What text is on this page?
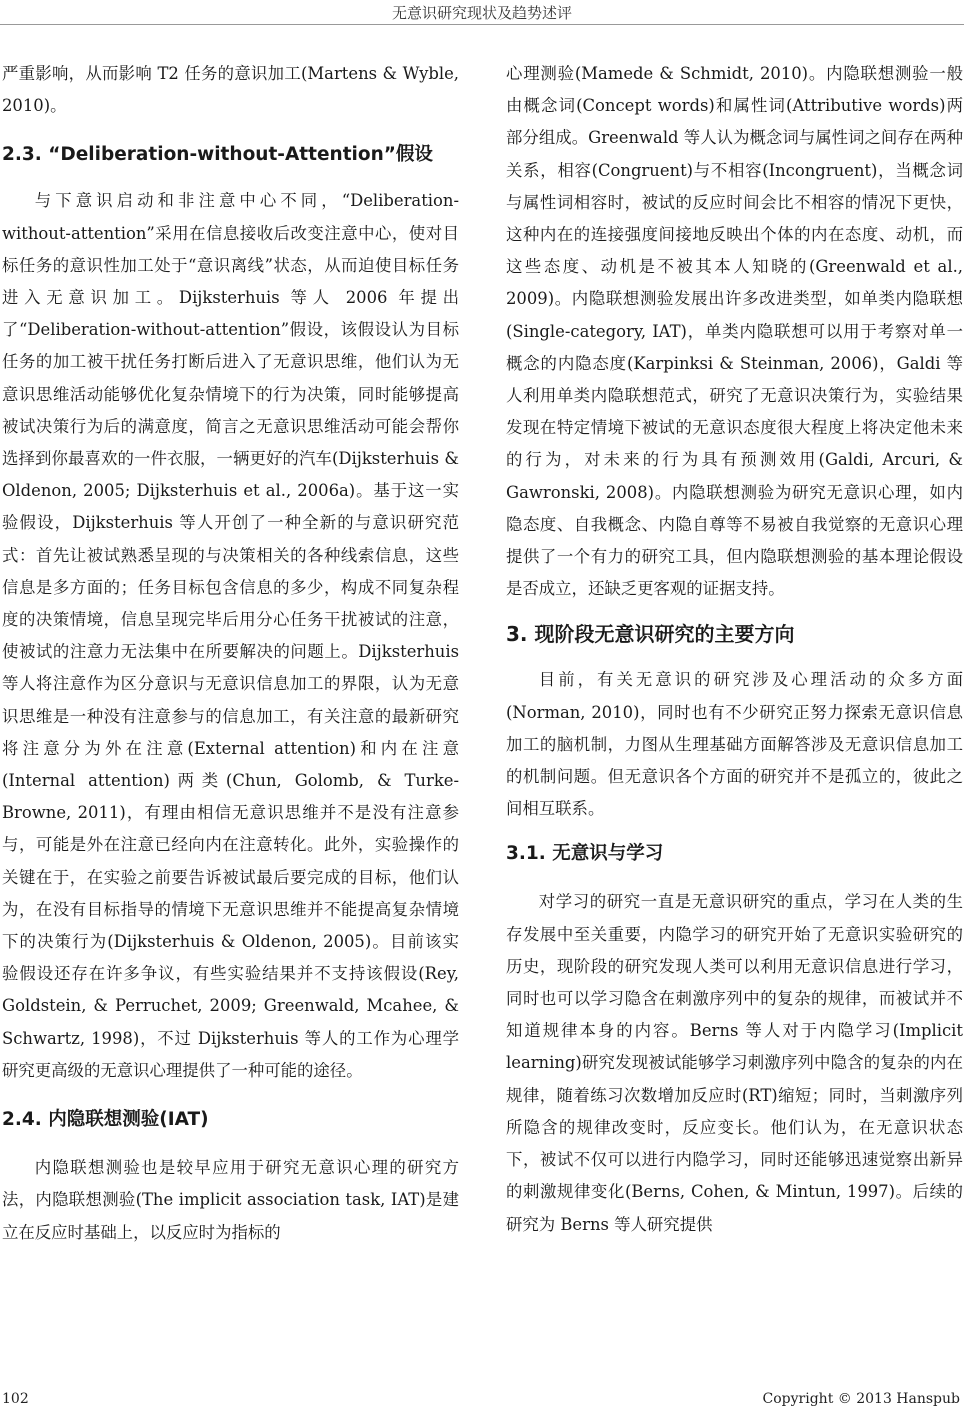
无意识研究现状及趋势述评

严重影响，从而影响 T2 任务的意识加工(Martens & Wyble, 2010)。

2.3. “Deliberation-without-Attention”假设

与下意识启动和非注意中心不同，“Deliberation-without-attention”采用在信息接收后改变注意中心，使对目标任务的意识性加工处于“意识离线”状态，从而迫使目标任务进入无意识加工。Dijksterhuis 等人 2006 年提出了“Deliberation-without-attention”假设，该假设认为目标任务的加工被干扰任务打断后进入了无意识思维，他们认为无意识思维活动能够优化复杂情境下的行为决策，同时能够提高被试决策行为后的满意度，简言之无意识思维活动可能会帮你选择到你最喜欢的一件衣服，一辆更好的汽车(Dijksterhuis & Oldenon, 2005; Dijksterhuis et al., 2006a)。基于这一实验假设，Dijksterhuis 等人开创了一种全新的与意识研究范式：首先让被试熟悉呈现的与决策相关的各种线索信息，这些信息是多方面的；任务目标包含信息的多少，构成不同复杂程度的决策情境，信息呈现完毕后用分心任务干扰被试的注意，使被试的注意力无法集中在所要解决的问题上。Dijksterhuis 等人将注意作为区分意识与无意识信息加工的界限，认为无意识思维是一种没有注意参与的信息加工，有关注意的最新研究将注意分为外在注意(External attention)和内在注意(Internal attention)两类(Chun, Golomb, & Turke-Browne, 2011)，有理由相信无意识思维并不是没有注意参与，可能是外在注意已经向内在注意转化。此外，实验操作的关键在于，在实验之前要告诉被试最后要完成的目标，他们认为，在没有目标指导的情境下无意识思维并不能提高复杂情境下的决策行为(Dijksterhuis & Oldenon, 2005)。目前该实验假设还存在许多争议，有些实验结果并不支持该假设(Rey, Goldstein, & Perruchet, 2009; Greenwald, Mcahee, & Schwartz, 1998)，不过 Dijksterhuis 等人的工作为心理学研究更高级的无意识心理提供了一种可能的途径。

2.4. 内隐联想测验(IAT)

内隐联想测验也是较早应用于研究无意识心理的研究方法，内隐联想测验(The implicit association task, IAT)是建立在反应时基础上，以反应时为指标的

心理测验(Mamede & Schmidt, 2010)。内隐联想测验一般由概念词(Concept words)和属性词(Attributive words)两部分组成。Greenwald 等人认为概念词与属性词之间存在两种关系，相容(Congruent)与不相容(Incongruent)，当概念词与属性词相容时，被试的反应时间会比不相容的情况下更快，这种内在的连接强度间接地反映出个体的内在态度、动机，而这些态度、动机是不被其本人知晓的(Greenwald et al., 2009)。内隐联想测验发展出许多改进类型，如单类内隐联想(Single-category, IAT)，单类内隐联想可以用于考察对单一概念的内隐态度(Karpinksi & Steinman, 2006)，Galdi 等人利用单类内隐联想范式，研究了无意识决策行为，实验结果发现在特定情境下被试的无意识态度很大程度上将决定他未来的行为，对未来的行为具有预测效用(Galdi, Arcuri, & Gawronski, 2008)。内隐联想测验为研究无意识心理，如内隐态度、自我概念、内隐自尊等不易被自我觉察的无意识心理提供了一个有力的研究工具，但内隐联想测验的基本理论假设是否成立，还缺乏更客观的证据支持。

3. 现阶段无意识研究的主要方向

目前，有关无意识的研究涉及心理活动的众多方面(Norman, 2010)，同时也有不少研究正努力探索无意识信息加工的脑机制，力图从生理基础方面解答涉及无意识信息加工的机制问题。但无意识各个方面的研究并不是孤立的，彼此之间相互联系。

3.1. 无意识与学习

对学习的研究一直是无意识研究的重点，学习在人类的生存发展中至关重要，内隐学习的研究开始了无意识实验研究的历史，现阶段的研究发现人类可以利用无意识信息进行学习，同时也可以学习隐含在刺激序列中的复杂的规律，而被试并不知道规律本身的内容。Berns 等人对于内隐学习(Implicit learning)研究发现被试能够学习刺激序列中隐含的复杂的内在规律，随着练习次数增加反应时(RT)缩短；同时，当刺激序列所隐含的规律改变时，反应变长。他们认为，在无意识状态下，被试不仅可以进行内隐学习，同时还能够迅速觉察出新异的刺激规律变化(Berns, Cohen, & Mintun, 1997)。后续的研究为 Berns 等人研究提供

102	Copyright © 2013 Hanspub
